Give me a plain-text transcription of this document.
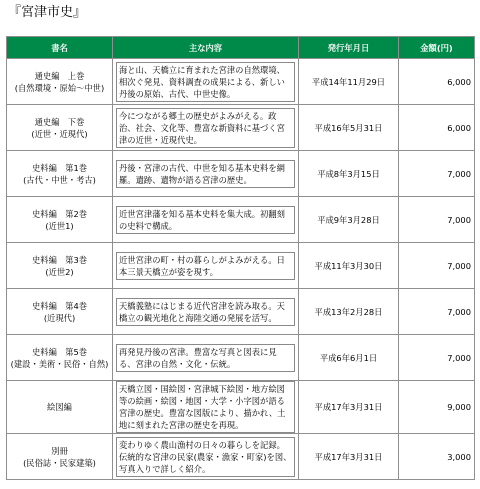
『宮津市史』
書名	主な内容	発行年月日	金額(円)

通史編　上巻
(自然環境・原始～中世)	海と山、天橋立に育まれた宮津の自然環境、相次ぐ発見、資料調査の成果による、新しい丹後の原始、古代、中世史像。	平成14年11月29日	6,000

通史編　下巻
(近世・近現代)	今につながる郷土の歴史がよみがえる。政治、社会、文化等、豊富な新資料に基づく宮津の近世・近現代史。	平成16年5月31日	6,000

史料編　第1巻
(古代・中世・考古)	丹後・宮津の古代、中世を知る基本史料を網羅。遺跡、遺物が語る宮津の歴史。	平成8年3月15日	7,000

史料編　第2巻
(近世1)	近世宮津藩を知る基本史料を集大成。初翻刻の史料で構成。	平成9年3月28日	7,000

史料編　第3巻
(近世2)	近世宮津の町・村の暮らしがよみがえる。日本三景天橋立が姿を現す。	平成11年3月30日	7,000

史料編　第4巻
(近現代)	天橋義塾にはじまる近代宮津を読み取る。天橋立の観光地化と海陸交通の発展を活写。	平成13年2月28日	7,000

史料編　第5巻
(建設・美術・民俗・自然)	再発見丹後の宮津。豊富な写真と図表に見る、宮津の自然・文化・伝統。	平成6年6月1日	7,000

絵図編	天橋立図・国絵図・宮津城下絵図・地方絵図等の絵画・絵図・地図・大学・小字図が語る宮津の歴史。豊富な図版により、描かれ、土地に刻まれた宮津の歴史を再現。	平成17年3月31日	9,000

別冊
(民俗誌・民家建築)	変わりゆく農山漁村の日々の暮らしを記録。伝統的な宮津の民家(農家・漁家・町家)を図、写真入りで詳しく紹介。	平成17年3月31日	3,000
